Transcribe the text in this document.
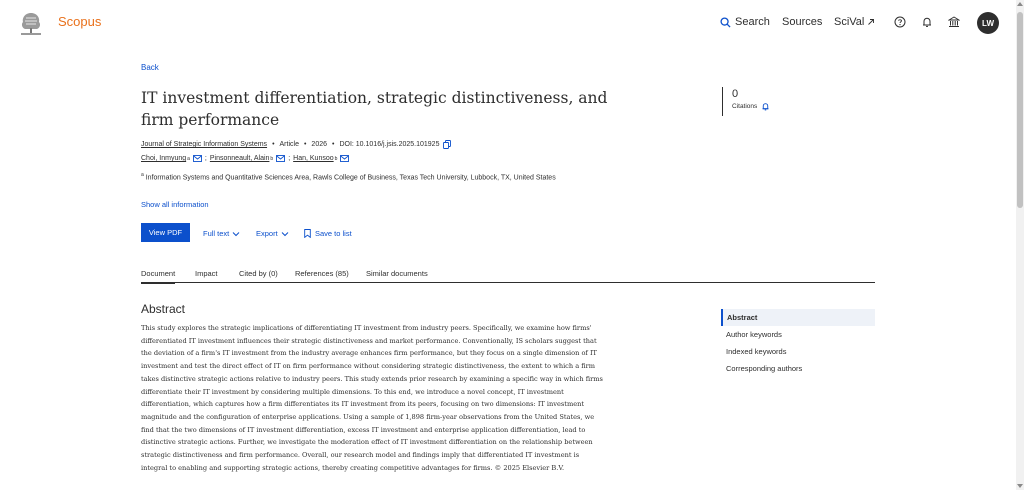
Scopus	Search Sources SciVal	LW
Back
IT investment differentiation, strategic distinctiveness, and firm performance
Journal of Strategic Information Systems • Article • 2026 • DOI: 10.1016/j.jsis.2025.101925
Choi, Inmyung a ; Pinsonneault, Alain b ; Han, Kunsoo b
$^a$ Information Systems and Quantitative Sciences Area, Rawls College of Business, Texas Tech University, Lubbock, TX, United States
Show all information
View PDF	Full text	Export	Save to list
Document	Impact	Cited by (0) References (85) Similar documents
Abstract
This study explores the strategic implications of differentiating IT investment from industry peers. Specifically, we examine how firms' differentiated IT investment influences their strategic distinctiveness and market performance. Conventionally, IS scholars suggest that the deviation of a firm's IT investment from the industry average enhances firm performance, but they focus on a single dimension of IT investment and test the direct effect of IT on firm performance without considering strategic distinctiveness, the extent to which a firm takes distinctive strategic actions relative to industry peers. This study extends prior research by examining a specific way in which firms differentiate their IT investment by considering multiple dimensions. To this end, we introduce a novel concept, IT investment differentiation, which captures how a firm differentiates its IT investment from its peers, focusing on two dimensions: IT investment magnitude and the configuration of enterprise applications. Using a sample of 1,898 firm-year observations from the United States, we find that the two dimensions of IT investment differentiation, excess IT investment and enterprise application differentiation, lead to distinctive strategic actions. Further, we investigate the moderation effect of IT investment differentiation on the relationship between strategic distinctiveness and firm performance. Overall, our research model and findings imply that differentiated IT investment is integral to enabling and supporting strategic actions, thereby creating competitive advantages for firms. © 2025 Elsevier B.V.
0
Citations
Abstract
Author keywords
Indexed keywords
Corresponding authors
